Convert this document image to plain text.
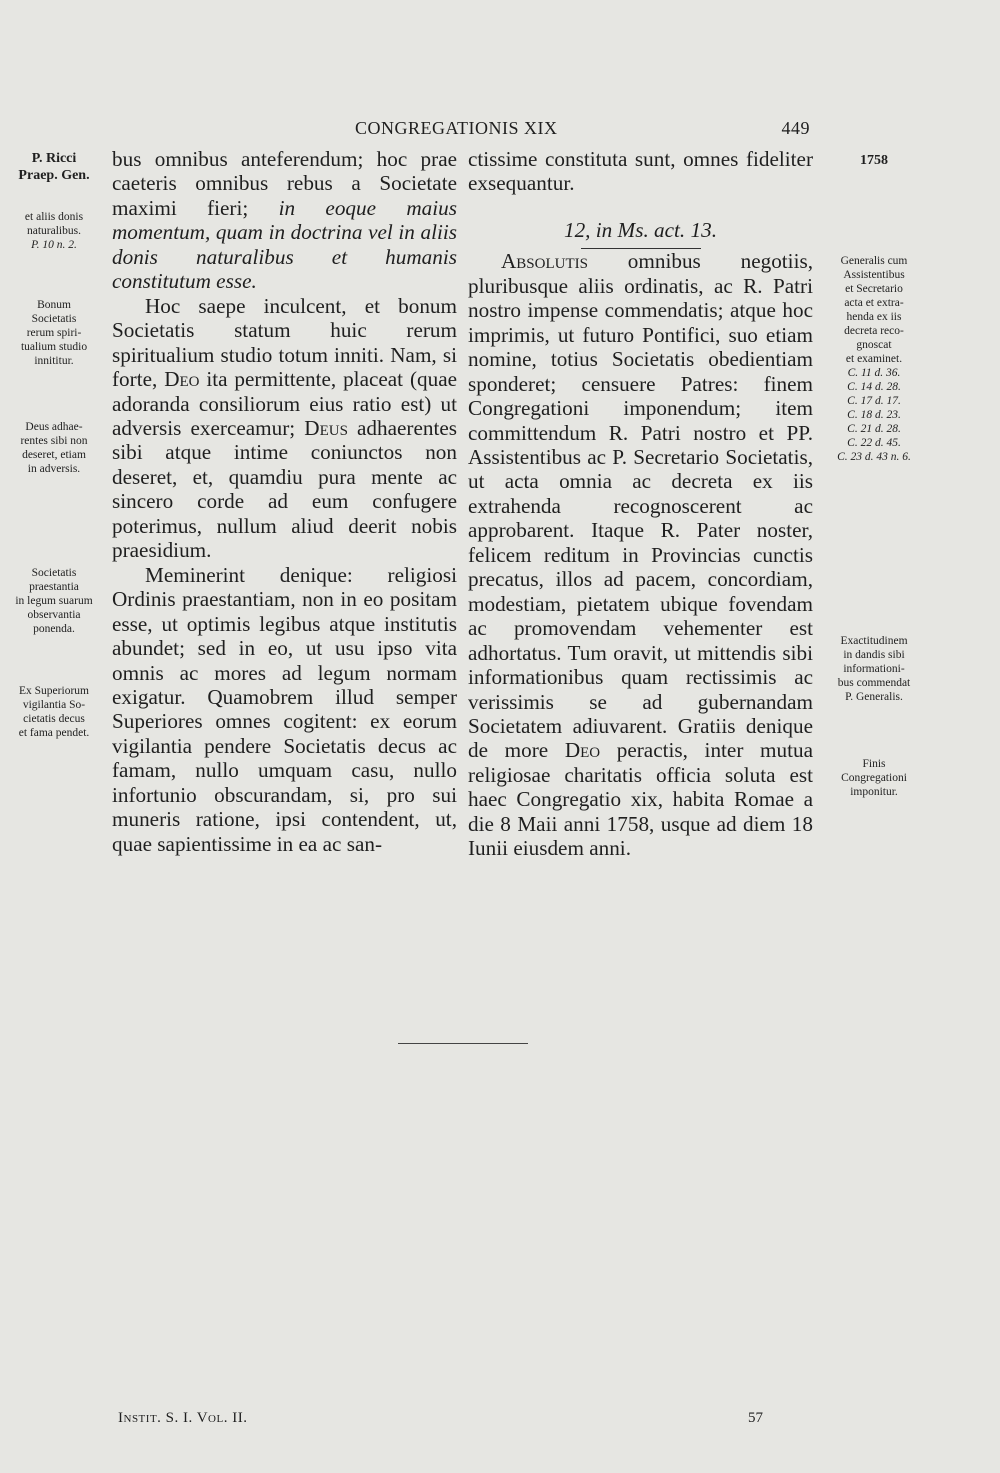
CONGREGATIONIS XIX	449
P. Ricci
Praep. Gen.
et aliis donis
naturalibus.
P. 10 n. 2.
Bonum
Societatis
rerum spiri-
tualium studio
innititur.
Deus adhae-
rentes sibi non
deseret, etiam
in adversis.
Societatis
praestantia
in legum suarum
observantia
ponenda.
Ex Superiorum
vigilantia So-
cietatis decus
et fama pendet.

bus omnibus anteferendum; hoc prae caeteris omnibus rebus a Societate maximi fieri; in eoque maius momentum, quam in doctrina vel in aliis donis naturalibus et humanis constitutum esse.

Hoc saepe inculcent, et bonum Societatis statum huic rerum spiritualium studio totum inniti. Nam, si forte, Deo ita permittente, placeat (quae adoranda consiliorum eius ratio est) ut adversis exerceamur; Deus adhaerentes sibi atque intime coniunctos non deseret, et, quamdiu pura mente ac sincero corde ad eum confugere poterimus, nullum aliud deerit nobis praesidium.

Meminerint denique: religiosi Ordinis praestantiam, non in eo positam esse, ut optimis legibus atque institutis abundet; sed in eo, ut usu ipso vita omnis ac mores ad legum normam exigatur. Quamobrem illud semper Superiores omnes cogitent: ex eorum vigilantia pendere Societatis decus ac famam, nullo umquam casu, nullo infortunio obscurandam, si, pro sui muneris ratione, ipsi contendent, ut, quae sapientissime in ea ac san-

ctissime constituta sunt, omnes fideliter exsequantur.

12, in Ms. act. 13.

Absolutis omnibus negotiis, pluribusque aliis ordinatis, ac R. Patri nostro impense commendatis; atque hoc imprimis, ut futuro Pontifici, suo etiam nomine, totius Societatis obedientiam sponderet; censuere Patres: finem Congregationi imponendum; item committendum R. Patri nostro et PP. Assistentibus ac P. Secretario Societatis, ut acta omnia ac decreta ex iis extrahenda recognoscerent ac approbarent. Itaque R. Pater noster, felicem reditum in Provincias cunctis precatus, illos ad pacem, concordiam, modestiam, pietatem ubique fovendam ac promovendam vehementer est adhortatus. Tum oravit, ut mittendis sibi informationibus quam rectissimis ac verissimis se ad gubernandam Societatem adiuvarent. Gratiis denique de more Deo peractis, inter mutua religiosae charitatis officia soluta est haec Congregatio xix, habita Romae a die 8 Maii anni 1758, usque ad diem 18 Iunii eiusdem anni.

1758
Generalis cum
Assistentibus
et Secretario
acta et extra-
henda ex iis
decreta reco-
gnoscat
et examinet.
C. 11 d. 36.
C. 14 d. 28.
C. 17 d. 17.
C. 18 d. 23.
C. 21 d. 28.
C. 22 d. 45.
C. 23 d. 43 n. 6.
Exactitudinem
in dandis sibi
informationi-
bus commendat
P. Generalis.
Finis
Congregationi
imponitur.
Instit. S. I. Vol. II.	57
